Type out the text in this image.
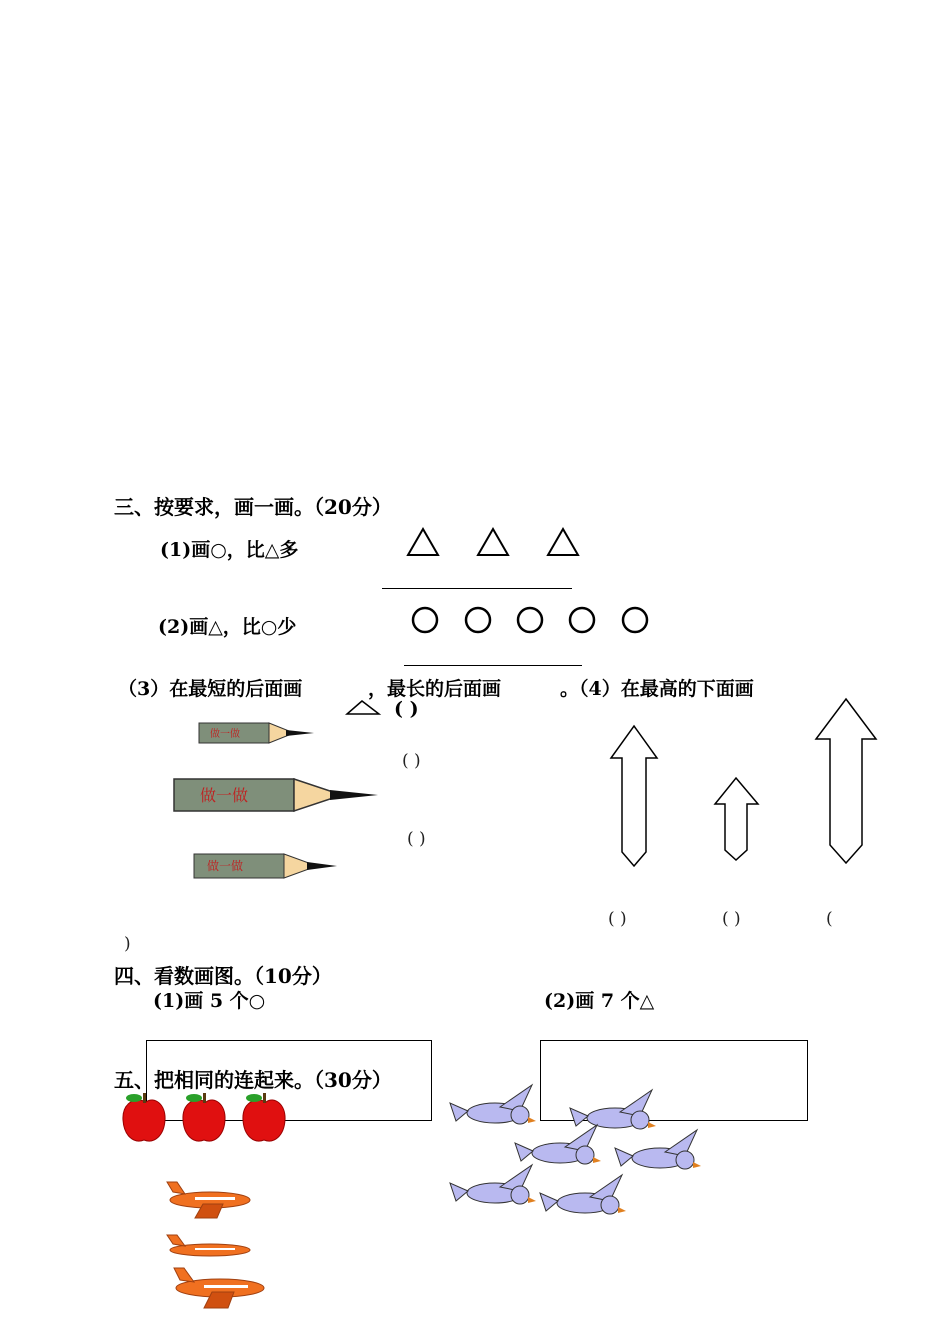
三、按要求，画一画。（20分）
(1)画○，比△多
(2)画△，比○少
（3）在最短的后面画	，最长的后面画	。（4）在最高的下面画
( )
做一做
做一做
做一做
( )
( )
( )	( )	(
)
四、看数画图。（10分）
(1)画 5 个○	(2)画 7 个△
五、把相同的连起来。（30分）
